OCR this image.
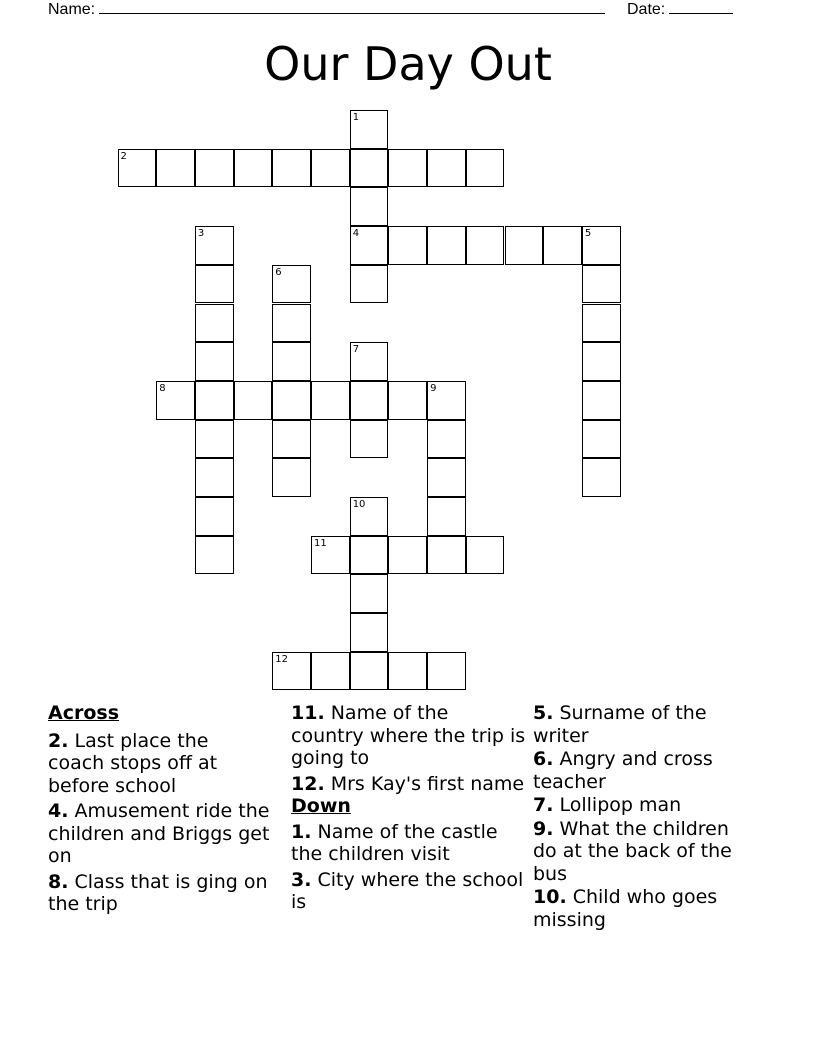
Name:	Date:
Our Day Out
1
2
3	4	5
6
7
8	9
10
11
12
Across
2. Last place the coach stops off at before school
4. Amusement ride the children and Briggs get on
8. Class that is ging on the trip
11. Name of the country where the trip is going to
12. Mrs Kay's first name
Down
1. Name of the castle the children visit
3. City where the school is
5. Surname of the writer
6. Angry and cross teacher
7. Lollipop man
9. What the children do at the back of the bus
10. Child who goes missing
